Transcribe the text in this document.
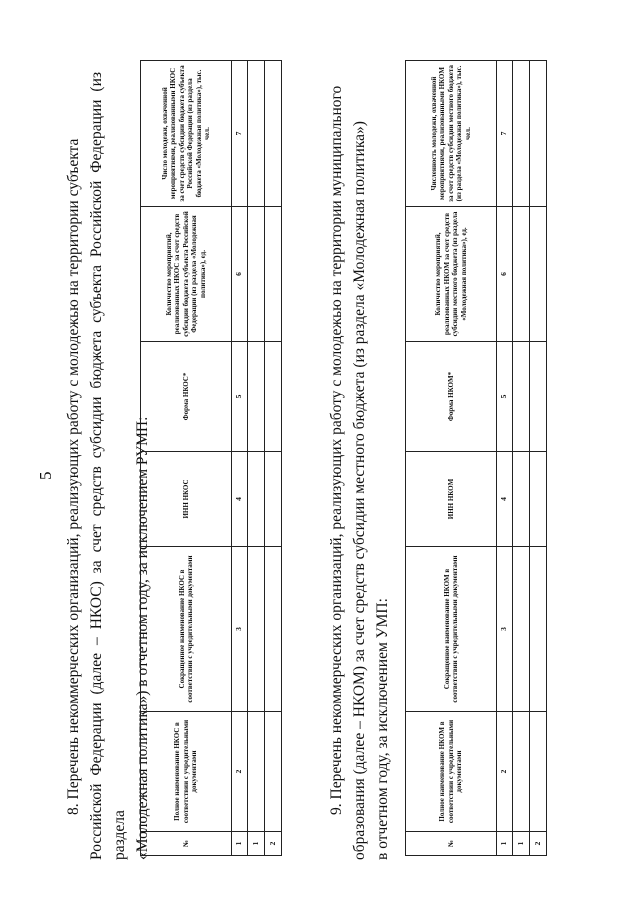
5 8. Перечень некоммерческих организаций, реализующих работу с молодежью на территории субъекта Российской Федерации (далее – НКОС) за счет средств субсидии бюджета субъекта Российской Федерации (из раздела «Молодежная политика») в отчетном году, за исключением РУМП:	№	Полное наименование НКОС в соответствии с учредительными документами	Сокращенное наименование НКОС в соответствии с учредительными документами	ИНН НКОС	Форма НКОС*	Количество мероприятий, реализованных НКОС за счет средств субсидии бюджета субъекта Российской Федерации (из раздела «Молодежная политика»), ед.	Число молодежи, охваченной мероприятиями, реализованными НКОС за счет средств субсидии бюджета субъекта Российской Федерации (из раздела бюджета «Молодежная политика»), тыс. чел.
1	2	3	4	5	6	7
1						
2						
9. Перечень некоммерческих организаций, реализующих работу с молодежью на территории муниципального образования (далее – НКОМ) за счет средств субсидии местного бюджета (из раздела «Молодежная политика») в отчетном году, за исключением УМП:	№	Полное наименование НКОМ в соответствии с учредительными документами	Сокращенное наименование НКОМ в соответствии с учредительными документами	ИНН НКОМ	Форма НКОМ*	Количество мероприятий, реализованных НКОМ за счет средств субсидии местного бюджета (из раздела «Молодежная политика»), ед.	Численность молодежи, охваченной мероприятиями, реализованными НКОМ за счет средств субсидии местного бюджета (из раздела «Молодежная политика»), тыс. чел.
1	2	3	4	5	6	7
1						
2						
